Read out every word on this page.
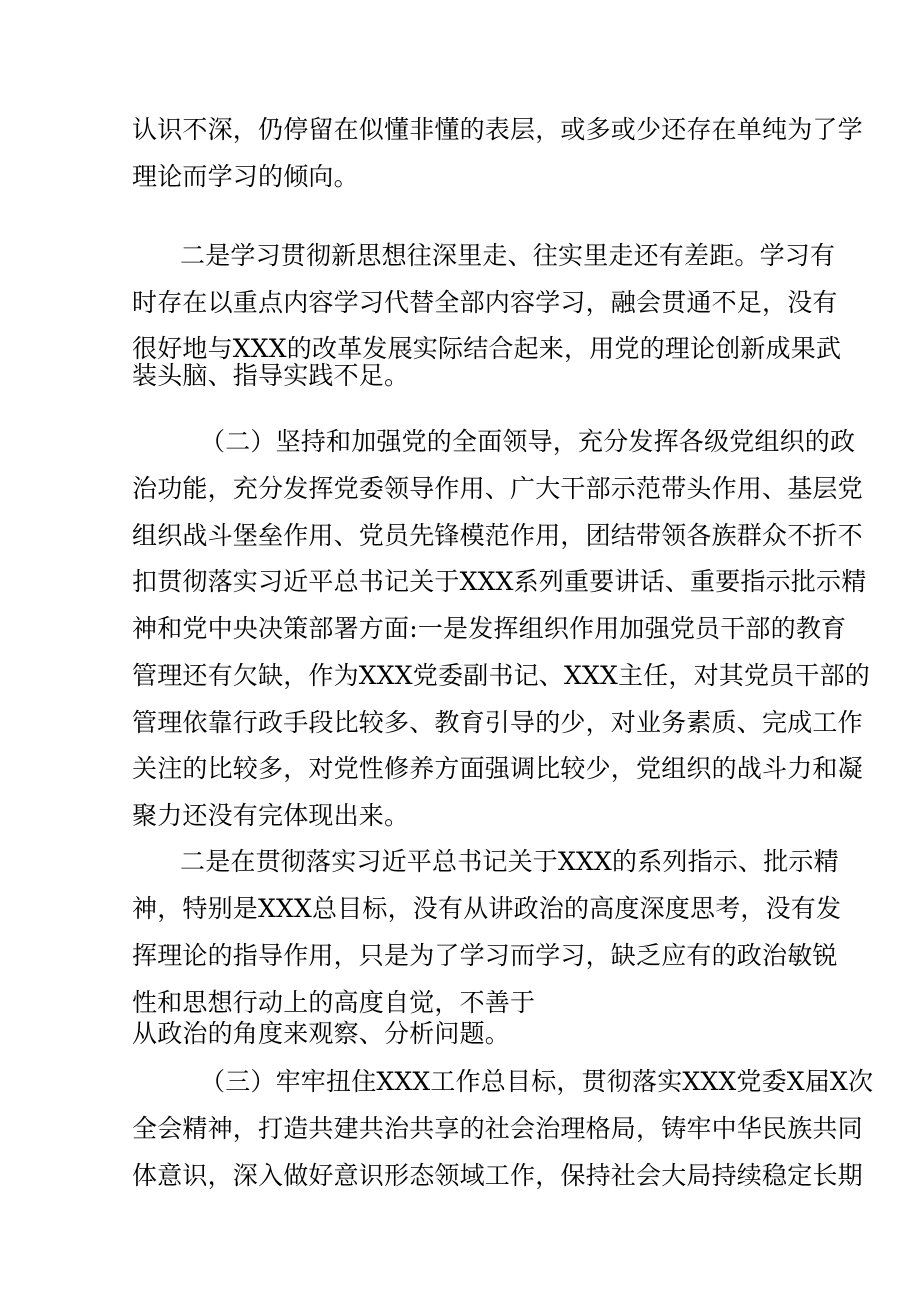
认识不深，仍停留在似懂非懂的表层，或多或少还存在单纯为了学
理论而学习的倾向。
二是学习贯彻新思想往深里走、往实里走还有差距。学习有
时存在以重点内容学习代替全部内容学习，融会贯通不足，没有
很好地与XXX的改革发展实际结合起来，用党的理论创新成果武
装头脑、指导实践不足。
（二）坚持和加强党的全面领导，充分发挥各级党组织的政
治功能，充分发挥党委领导作用、广大干部示范带头作用、基层党
组织战斗堡垒作用、党员先锋模范作用，团结带领各族群众不折不
扣贯彻落实习近平总书记关于XXX系列重要讲话、重要指示批示精
神和党中央决策部署方面:一是发挥组织作用加强党员干部的教育
管理还有欠缺，作为XXX党委副书记、XXX主任，对其党员干部的
管理依靠行政手段比较多、教育引导的少，对业务素质、完成工作
关注的比较多，对党性修养方面强调比较少，党组织的战斗力和凝
聚力还没有完体现出来。
二是在贯彻落实习近平总书记关于XXX的系列指示、批示精
神，特别是XXX总目标，没有从讲政治的高度深度思考，没有发
挥理论的指导作用，只是为了学习而学习，缺乏应有的政治敏锐
性和思想行动上的高度自觉，不善于
从政治的角度来观察、分析问题。
（三）牢牢扭住XXX工作总目标，贯彻落实XXX党委X届X次
全会精神，打造共建共治共享的社会治理格局，铸牢中华民族共同
体意识，深入做好意识形态领域工作，保持社会大局持续稳定长期
